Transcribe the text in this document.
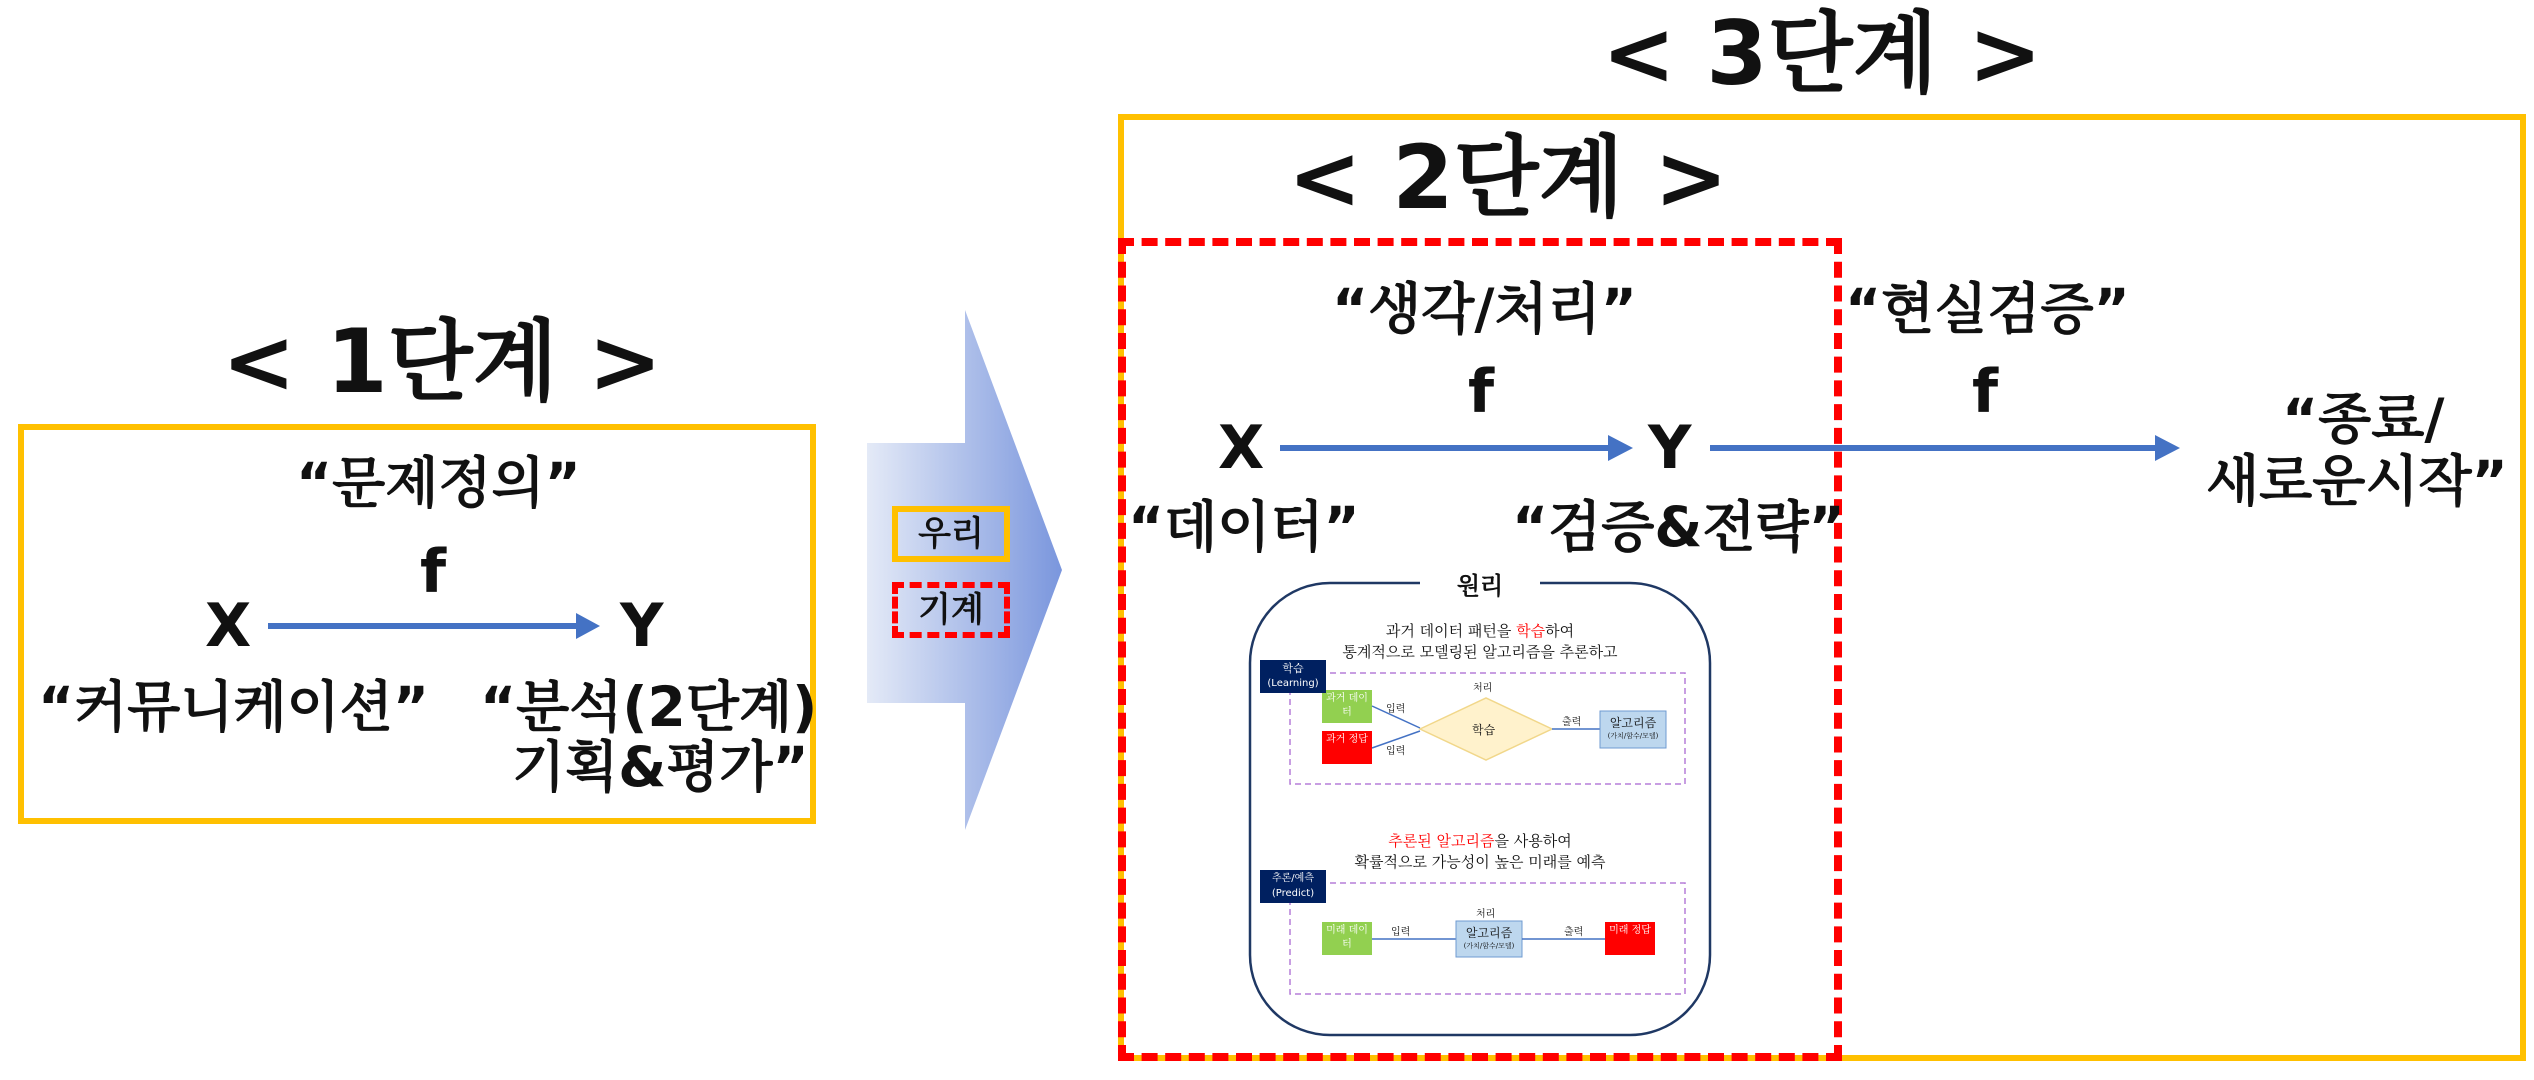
< 1단계 >
“문제정의”
f
X	Y
“커뮤니케이션” “분석(2단계)
기획&평가”
우리
기계
< 3단계 >
“현실검증”
f	“종료/
새로운시작”
< 2단계 >
“생각/처리”
f
X	Y
“데이터”	“검증&전략”
원리
과거 데이터 패턴을 학습하여
통계적으로 모델링된 알고리즘을 추론하고
학습
(Learning)
과거 데이터
과거 정답
입력
입력
처리
학습
출력	알고리즘
(가치/함수/모델)
추론된 알고리즘을 사용하여
확률적으로 가능성이 높은 미래를 예측
추론/예측
(Predict)
미래 데이터
입력
처리
알고리즘
(가치/함수/모델)
출력	미래 정답
